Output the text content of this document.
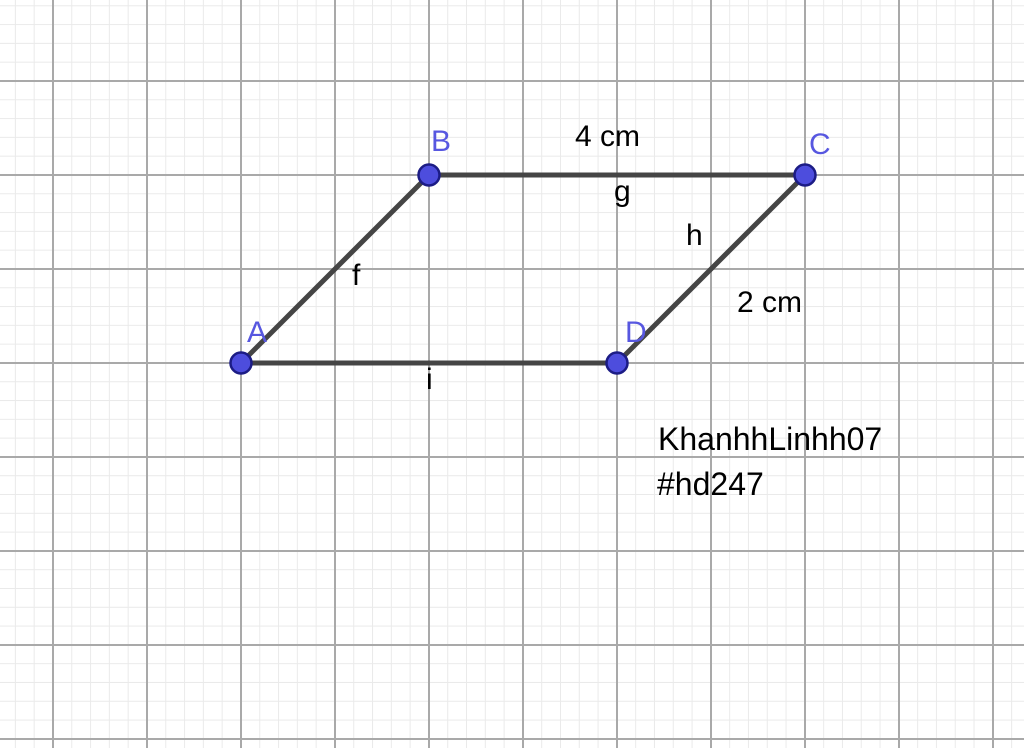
A
B	C
D
f
g
h
i
4 cm
2 cm
KhanhhLinhh07
#hd247
